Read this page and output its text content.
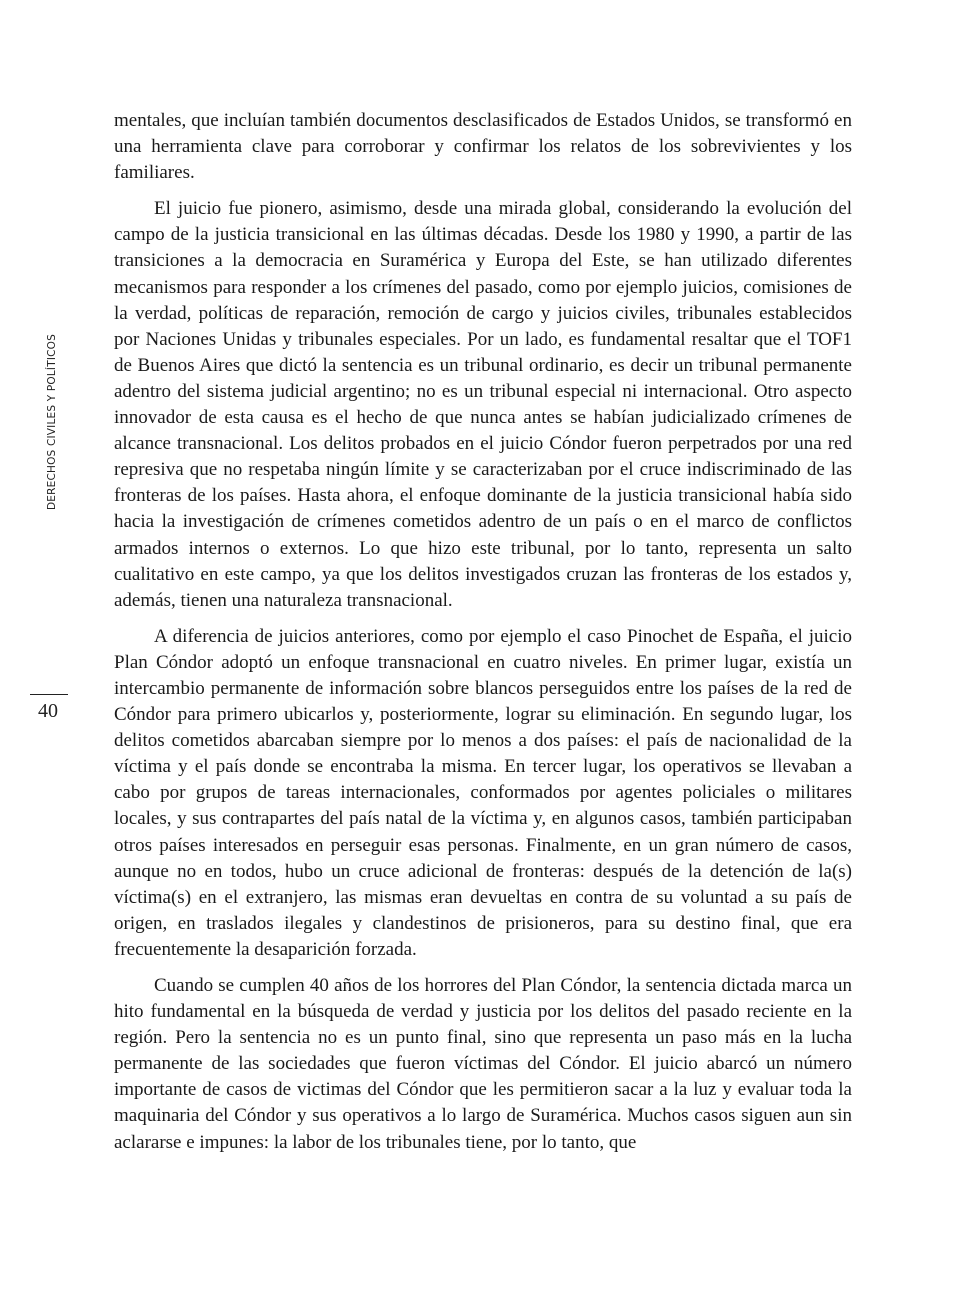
DERECHOS CIVILES Y POLÍTICOS
40

mentales, que incluían también documentos desclasificados de Estados Unidos, se transformó en una herramienta clave para corroborar y confirmar los relatos de los sobrevivientes y los familiares.

El juicio fue pionero, asimismo, desde una mirada global, considerando la evolución del campo de la justicia transicional en las últimas décadas. Desde los 1980 y 1990, a partir de las transiciones a la democracia en Suramérica y Europa del Este, se han utilizado diferentes mecanismos para responder a los crímenes del pasado, como por ejemplo juicios, comisiones de la verdad, políticas de reparación, remoción de cargo y juicios civiles, tribunales establecidos por Naciones Unidas y tribunales especiales. Por un lado, es fundamental resaltar que el TOF1 de Buenos Aires que dictó la sentencia es un tribunal ordinario, es decir un tribunal permanente adentro del sistema judicial argentino; no es un tribunal especial ni internacional. Otro aspecto innovador de esta causa es el hecho de que nunca antes se habían judicializado crímenes de alcance transnacional. Los delitos probados en el juicio Cóndor fueron perpetrados por una red represiva que no respetaba ningún límite y se caracterizaban por el cruce indiscriminado de las fronteras de los países. Hasta ahora, el enfoque dominante de la justicia transicional había sido hacia la investigación de crímenes cometidos adentro de un país o en el marco de conflictos armados internos o externos. Lo que hizo este tribunal, por lo tanto, representa un salto cualitativo en este campo, ya que los delitos investigados cruzan las fronteras de los estados y, además, tienen una naturaleza transnacional.

A diferencia de juicios anteriores, como por ejemplo el caso Pinochet de España, el juicio Plan Cóndor adoptó un enfoque transnacional en cuatro niveles. En primer lugar, existía un intercambio permanente de información sobre blancos perseguidos entre los países de la red de Cóndor para primero ubicarlos y, posteriormente, lograr su eliminación. En segundo lugar, los delitos cometidos abarcaban siempre por lo menos a dos países: el país de nacionalidad de la víctima y el país donde se encontraba la misma. En tercer lugar, los operativos se llevaban a cabo por grupos de tareas internacionales, conformados por agentes policiales o militares locales, y sus contrapartes del país natal de la víctima y, en algunos casos, también participaban otros países interesados en perseguir esas personas. Finalmente, en un gran número de casos, aunque no en todos, hubo un cruce adicional de fronteras: después de la detención de la(s) víctima(s) en el extranjero, las mismas eran devueltas en contra de su voluntad a su país de origen, en traslados ilegales y clandestinos de prisioneros, para su destino final, que era frecuentemente la desaparición forzada.

Cuando se cumplen 40 años de los horrores del Plan Cóndor, la sentencia dictada marca un hito fundamental en la búsqueda de verdad y justicia por los delitos del pasado reciente en la región. Pero la sentencia no es un punto final, sino que representa un paso más en la lucha permanente de las sociedades que fueron víctimas del Cóndor. El juicio abarcó un número importante de casos de victimas del Cóndor que les permitieron sacar a la luz y evaluar toda la maquinaria del Cóndor y sus operativos a lo largo de Suramérica. Muchos casos siguen aun sin aclararse e impunes: la labor de los tribunales tiene, por lo tanto, que
